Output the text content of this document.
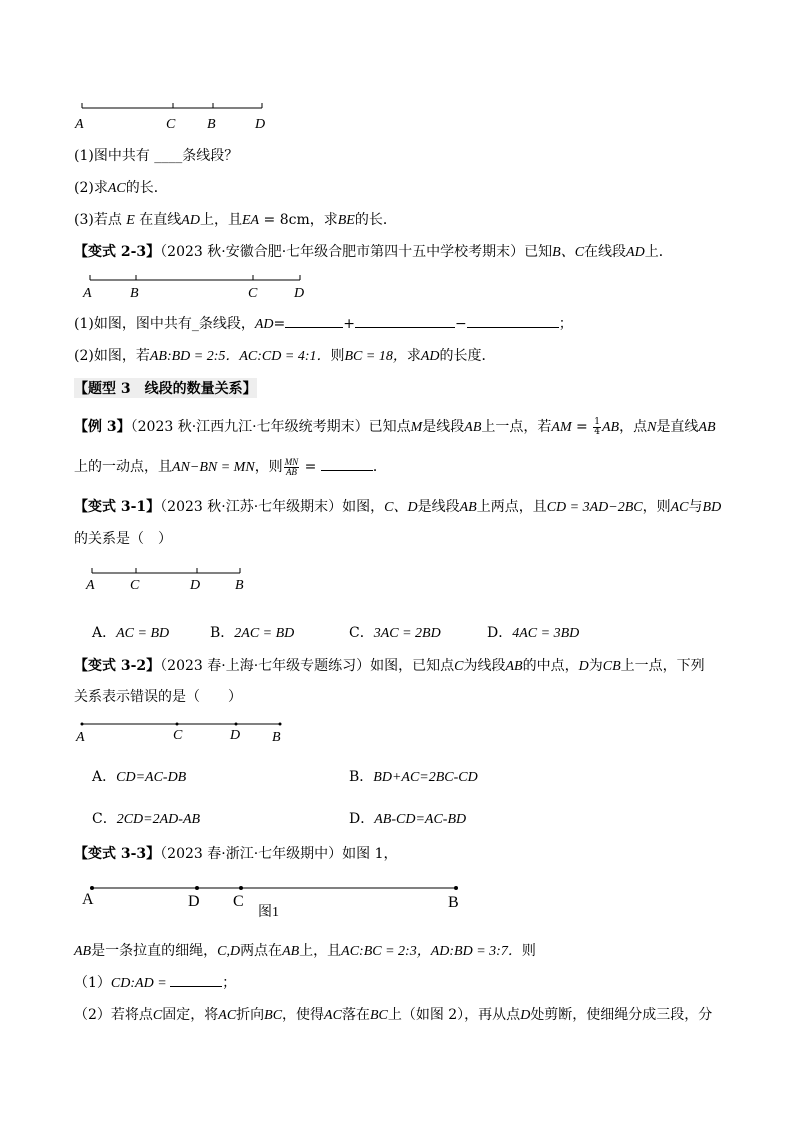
A	C B	D
(1)图中共有 ____条线段？
(2)求AC的长．
(3)若点 E 在直线AD上，且EA = 8cm，求BE的长．
【变式 2-3】（2023 秋·安徽合肥·七年级合肥市第四十五中学校考期末）已知B、C在线段AD上．
A	B	C	D
(1)如图，图中共有_条线段，AD=	+	−	；
(2)如图，若AB:BD = 2:5．AC:CD = 4:1．则BC = 18，求AD的长度．
【题型 3　线段的数量关系】
【例 3】（2023 秋·江西九江·七年级统考期末）已知点M是线段AB上一点，若AM = $\frac{1}{4}$ AB，点N是直线AB
上的一动点，且AN−BN = MN，则 $\frac{MN}{AB}$ =	．
【变式 3-1】（2023 秋·江苏·七年级期末）如图，C、D是线段AB上两点，且CD = 3AD−2BC，则AC与BD
的关系是（　）
A	C	D B
A．AC = BD	B．2AC = BD	C．3AC = 2BD	D．4AC = 3BD
【变式 3-2】（2023 春·上海·七年级专题练习）如图，已知点C为线段AB的中点，D为CB上一点，下列
关系表示错误的是（　　）
A	C	D B
A．CD=AC-DB	B．BD+AC=2BC-CD
C．2CD=2AD-AB	D．AB-CD=AC-BD
【变式 3-3】（2023 春·浙江·七年级期中）如图 1，
A	D C	B
图1
AB是一条拉直的细绳，C,D两点在AB上，且AC:BC = 2:3，AD:BD = 3:7．则
（1）CD:AD =	；
（2）若将点C固定，将AC折向BC，使得AC落在BC上（如图 2），再从点D处剪断，使细绳分成三段，分
